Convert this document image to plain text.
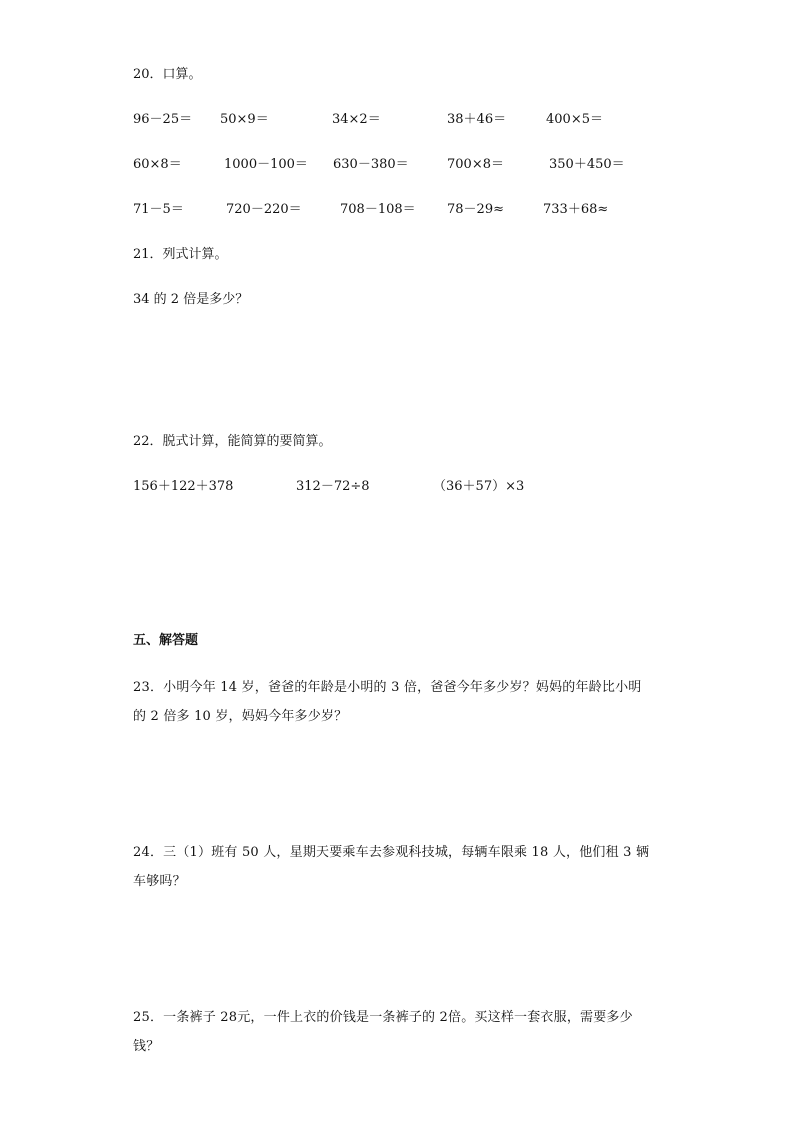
20．口算。
96－25＝ 50×9＝	34×2＝	38＋46＝	400×5＝
60×8＝	1000－100＝ 630－380＝	700×8＝	350＋450＝
71－5＝	720－220＝	708－108＝ 78－29≈	733＋68≈
21．列式计算。
34 的 2 倍是多少？
22．脱式计算，能简算的要简算。
156＋122＋378	312－72÷8	（36＋57）×3
五、解答题
23．小明今年 14 岁，爸爸的年龄是小明的 3 倍，爸爸今年多少岁？妈妈的年龄比小明
的 2 倍多 10 岁，妈妈今年多少岁？
24．三（1）班有 50 人，星期天要乘车去参观科技城，每辆车限乘 18 人，他们租 3 辆
车够吗？
25．一条裤子 28元，一件上衣的价钱是一条裤子的 2倍。买这样一套衣服，需要多少
钱？
